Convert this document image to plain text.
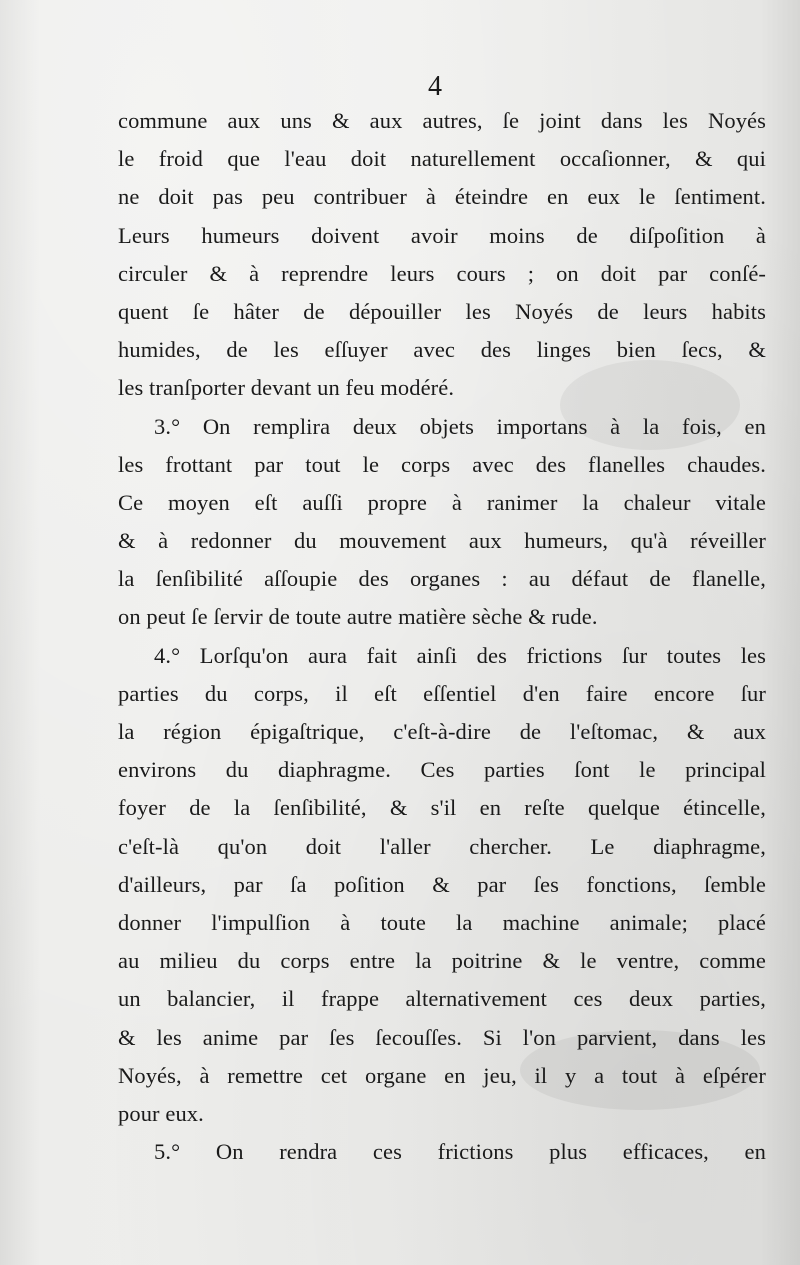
4
commune aux uns & aux autres, ſe joint dans les Noyés
le froid que l'eau doit naturellement occaſionner, & qui
ne doit pas peu contribuer à éteindre en eux le ſentiment.
Leurs humeurs doivent avoir moins de diſpoſition à
circuler & à reprendre leurs cours ; on doit par conſé-
quent ſe hâter de dépouiller les Noyés de leurs habits
humides, de les eſſuyer avec des linges bien ſecs, &
les tranſporter devant un feu modéré.
3.° On remplira deux objets importans à la fois, en
les frottant par tout le corps avec des flanelles chaudes.
Ce moyen eſt auſſi propre à ranimer la chaleur vitale
& à redonner du mouvement aux humeurs, qu'à réveiller
la ſenſibilité aſſoupie des organes : au défaut de flanelle,
on peut ſe ſervir de toute autre matière sèche & rude.
4.° Lorſqu'on aura fait ainſi des frictions ſur toutes les
parties du corps, il eſt eſſentiel d'en faire encore ſur
la région épigaſtrique, c'eſt-à-dire de l'eſtomac, & aux
environs du diaphragme. Ces parties ſont le principal
foyer de la ſenſibilité, & s'il en reſte quelque étincelle,
c'eſt-là qu'on doit l'aller chercher. Le diaphragme,
d'ailleurs, par ſa poſition & par ſes fonctions, ſemble
donner l'impulſion à toute la machine animale; placé
au milieu du corps entre la poitrine & le ventre, comme
un balancier, il frappe alternativement ces deux parties,
& les anime par ſes ſecouſſes. Si l'on parvient, dans les
Noyés, à remettre cet organe en jeu, il y a tout à eſpérer
pour eux.
5.° On rendra ces frictions plus efficaces, en
